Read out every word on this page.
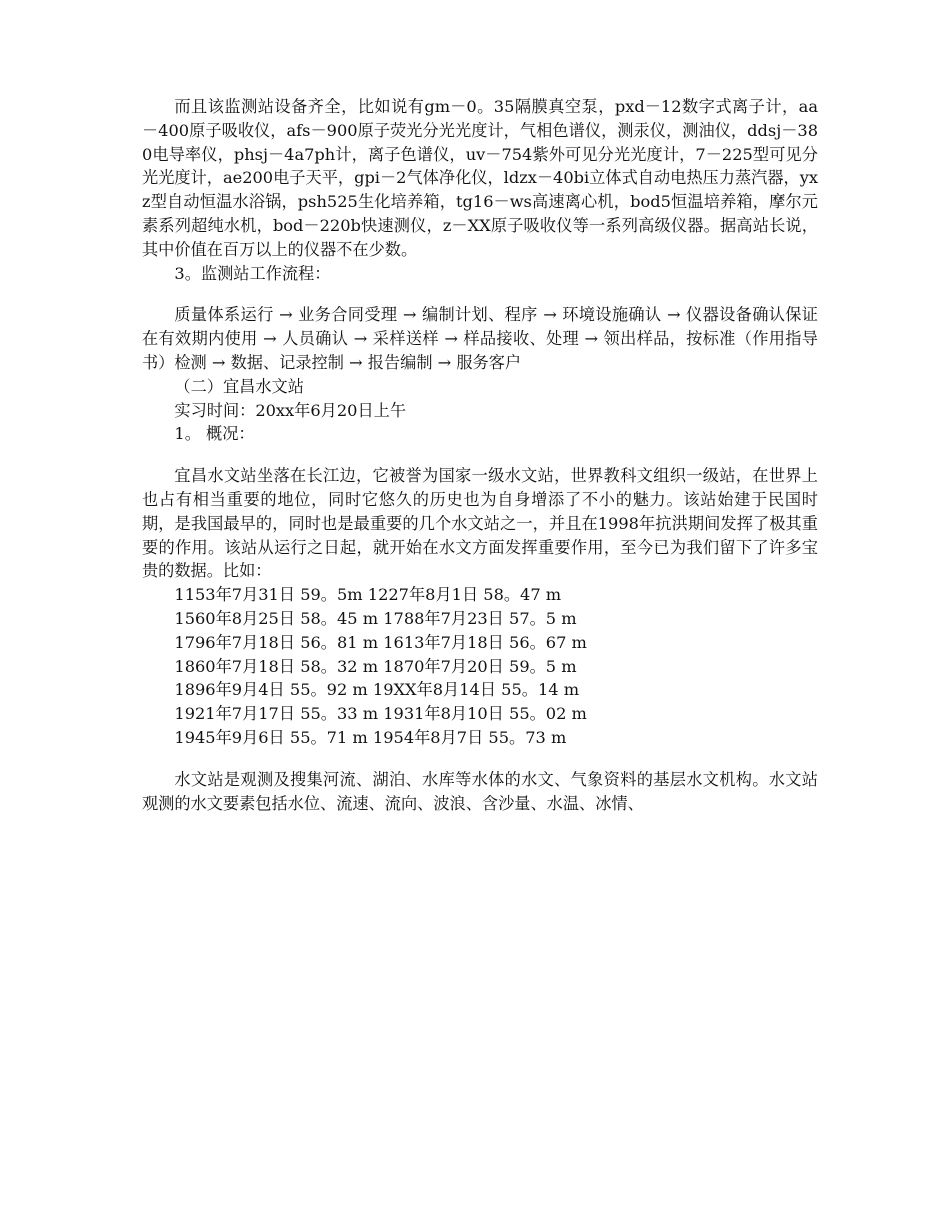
而且该监测站设备齐全，比如说有gm－0。35隔膜真空泵，pxd－12数字式离子计，aa－400原子吸收仪，afs－900原子荧光分光光度计，气相色谱仪，测汞仪，测油仪，ddsj－380电导率仪，phsj－4a7ph计，离子色谱仪，uv－754紫外可见分光光度计，7－225型可见分光光度计，ae200电子天平，gpi－2气体净化仪，ldzx－40bi立体式自动电热压力蒸汽器，yxz型自动恒温水浴锅，psh525生化培养箱，tg16－ws高速离心机，bod5恒温培养箱，摩尔元素系列超纯水机，bod－220b快速测仪，z－XX原子吸收仪等一系列高级仪器。据高站长说，其中价值在百万以上的仪器不在少数。

3。监测站工作流程：

质量体系运行 → 业务合同受理 → 编制计划、程序 → 环境设施确认 → 仪器设备确认保证在有效期内使用 → 人员确认 → 采样送样 → 样品接收、处理 → 领出样品，按标准（作用指导书）检测 → 数据、记录控制 → 报告编制 → 服务客户

（二）宜昌水文站

实习时间：20xx年6月20日上午

1。 概况：

宜昌水文站坐落在长江边，它被誉为国家一级水文站，世界教科文组织一级站，在世界上也占有相当重要的地位，同时它悠久的历史也为自身增添了不小的魅力。该站始建于民国时期，是我国最早的，同时也是最重要的几个水文站之一，并且在1998年抗洪期间发挥了极其重要的作用。该站从运行之日起，就开始在水文方面发挥重要作用，至今已为我们留下了许多宝贵的数据。比如：

1153年7月31日 59。5m 1227年8月1日 58。47 m

1560年8月25日 58。45 m 1788年7月23日 57。5 m

1796年7月18日 56。81 m 1613年7月18日 56。67 m

1860年7月18日 58。32 m 1870年7月20日 59。5 m

1896年9月4日 55。92 m 19XX年8月14日 55。14 m

1921年7月17日 55。33 m 1931年8月10日 55。02 m

1945年9月6日 55。71 m 1954年8月7日 55。73 m

水文站是观测及搜集河流、湖泊、水库等水体的水文、气象资料的基层水文机构。水文站观测的水文要素包括水位、流速、流向、波浪、含沙量、水温、冰情、
